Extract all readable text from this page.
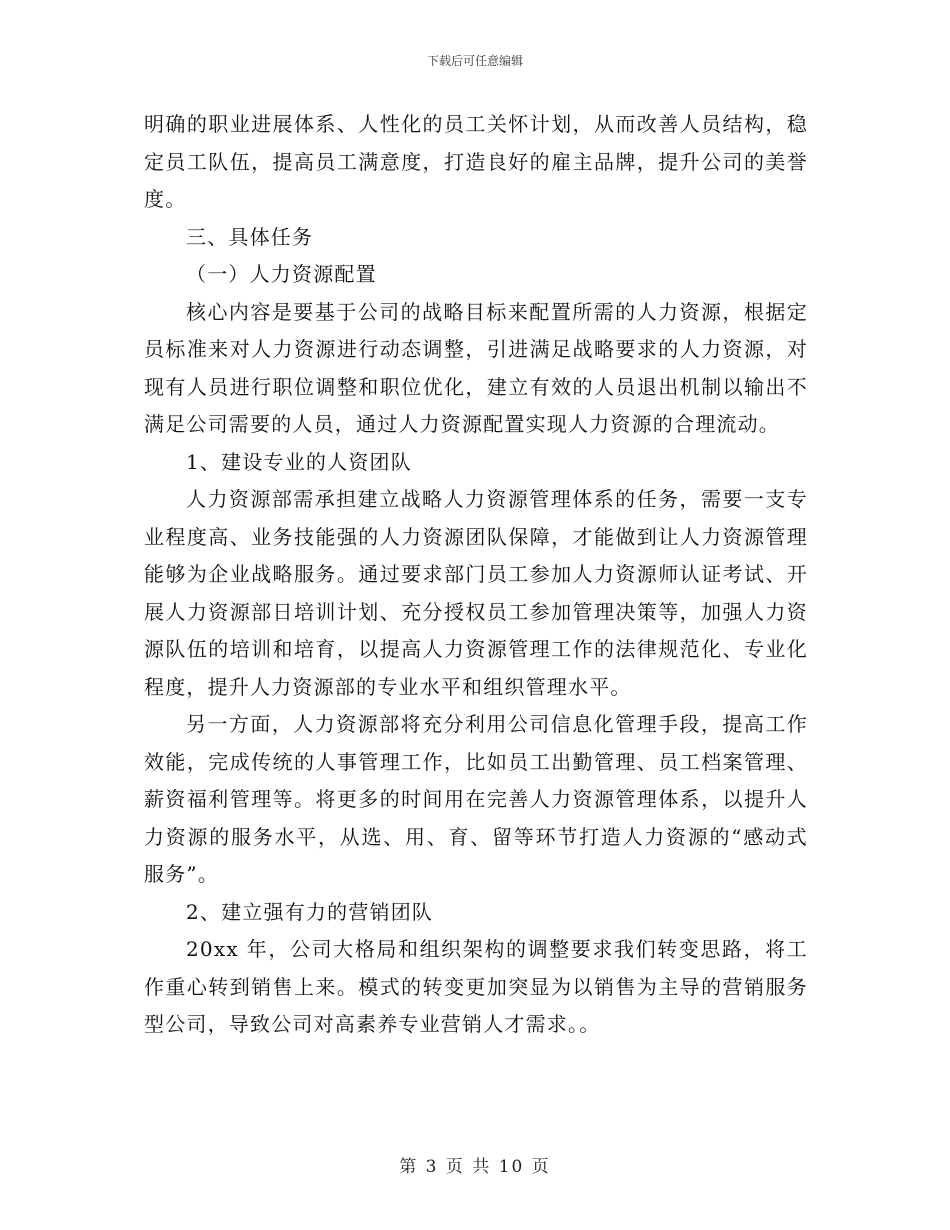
下载后可任意编辑

明确的职业进展体系、人性化的员工关怀计划，从而改善人员结构，稳定员工队伍，提高员工满意度，打造良好的雇主品牌，提升公司的美誉度。

三、具体任务

（一）人力资源配置

核心内容是要基于公司的战略目标来配置所需的人力资源，根据定员标准来对人力资源进行动态调整，引进满足战略要求的人力资源，对现有人员进行职位调整和职位优化，建立有效的人员退出机制以输出不满足公司需要的人员，通过人力资源配置实现人力资源的合理流动。

1、建设专业的人资团队

人力资源部需承担建立战略人力资源管理体系的任务，需要一支专业程度高、业务技能强的人力资源团队保障，才能做到让人力资源管理能够为企业战略服务。通过要求部门员工参加人力资源师认证考试、开展人力资源部日培训计划、充分授权员工参加管理决策等，加强人力资源队伍的培训和培育，以提高人力资源管理工作的法律规范化、专业化程度，提升人力资源部的专业水平和组织管理水平。

另一方面，人力资源部将充分利用公司信息化管理手段，提高工作效能，完成传统的人事管理工作，比如员工出勤管理、员工档案管理、薪资福利管理等。将更多的时间用在完善人力资源管理体系，以提升人力资源的服务水平，从选、用、育、留等环节打造人力资源的“感动式服务”。

2、建立强有力的营销团队

20xx 年，公司大格局和组织架构的调整要求我们转变思路，将工作重心转到销售上来。模式的转变更加突显为以销售为主导的营销服务型公司，导致公司对高素养专业营销人才需求。。

第 3 页 共 10 页
